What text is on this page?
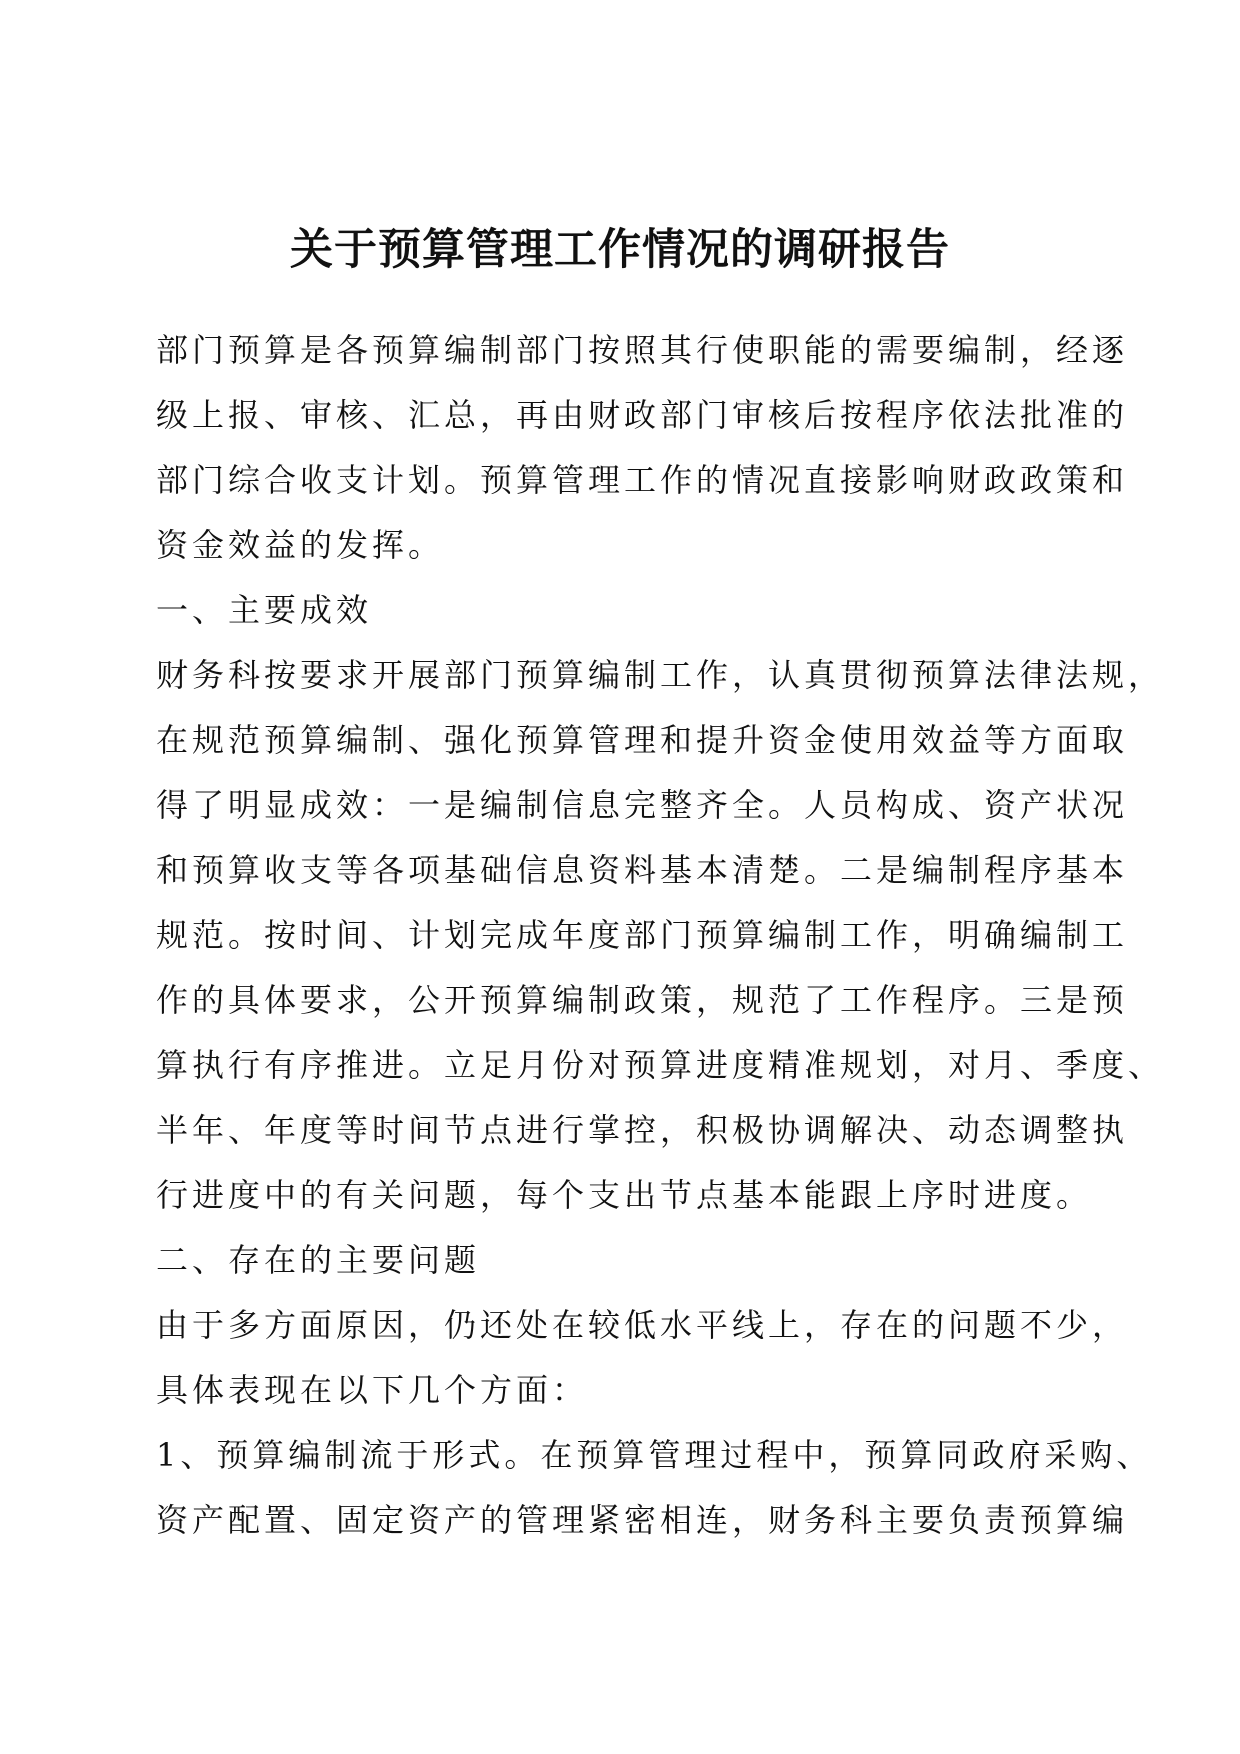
关于预算管理工作情况的调研报告

部门预算是各预算编制部门按照其行使职能的需要编制，经逐

级上报、审核、汇总，再由财政部门审核后按程序依法批准的

部门综合收支计划。预算管理工作的情况直接影响财政政策和

资金效益的发挥。

一、主要成效

财务科按要求开展部门预算编制工作，认真贯彻预算法律法规，

在规范预算编制、强化预算管理和提升资金使用效益等方面取

得了明显成效：一是编制信息完整齐全。人员构成、资产状况

和预算收支等各项基础信息资料基本清楚。二是编制程序基本

规范。按时间、计划完成年度部门预算编制工作，明确编制工

作的具体要求，公开预算编制政策，规范了工作程序。三是预

算执行有序推进。立足月份对预算进度精准规划，对月、季度、

半年、年度等时间节点进行掌控，积极协调解决、动态调整执

行进度中的有关问题，每个支出节点基本能跟上序时进度。

二、存在的主要问题

由于多方面原因，仍还处在较低水平线上，存在的问题不少，

具体表现在以下几个方面：

1、预算编制流于形式。在预算管理过程中，预算同政府采购、

资产配置、固定资产的管理紧密相连，财务科主要负责预算编
